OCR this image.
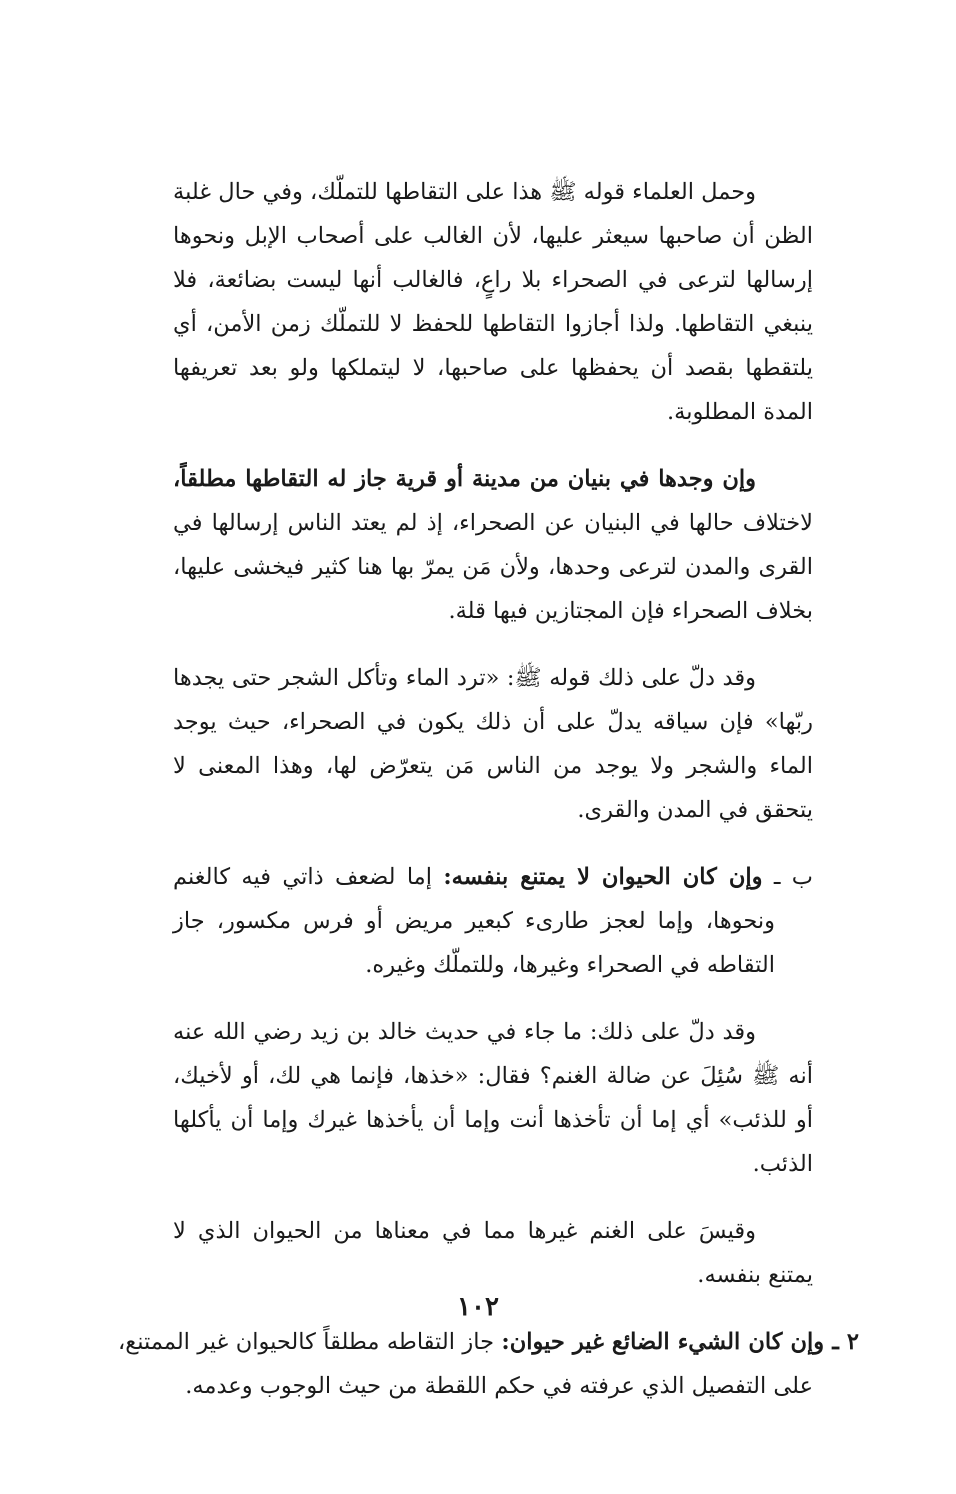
وحمل العلماء قوله ﷺ هذا على التقاطها للتملّك، وفي حال غلبة الظن أن صاحبها سيعثر عليها، لأن الغالب على أصحاب الإبل ونحوها إرسالها لترعى في الصحراء بلا راعٍ، فالغالب أنها ليست بضائعة، فلا ينبغي التقاطها. ولذا أجازوا التقاطها للحفظ لا للتملّك زمن الأمن، أي يلتقطها بقصد أن يحفظها على صاحبها، لا ليتملكها ولو بعد تعريفها المدة المطلوبة.

وإن وجدها في بنيان من مدينة أو قرية جاز له التقاطها مطلقاً، لاختلاف حالها في البنيان عن الصحراء، إذ لم يعتد الناس إرسالها في القرى والمدن لترعى وحدها، ولأن مَن يمرّ بها هنا كثير فيخشى عليها، بخلاف الصحراء فإن المجتازين فيها قلة.

وقد دلّ على ذلك قوله ﷺ: «ترد الماء وتأكل الشجر حتى يجدها ربّها» فإن سياقه يدلّ على أن ذلك يكون في الصحراء، حيث يوجد الماء والشجر ولا يوجد من الناس مَن يتعرّض لها، وهذا المعنى لا يتحقق في المدن والقرى.

ب ـ وإن كان الحيوان لا يمتنع بنفسه: إما لضعف ذاتي فيه كالغنم ونحوها، وإما لعجز طارىء كبعير مريض أو فرس مكسور، جاز التقاطه في الصحراء وغيرها، وللتملّك وغيره.

وقد دلّ على ذلك: ما جاء في حديث خالد بن زيد رضي الله عنه أنه ﷺ سُئِلَ عن ضالة الغنم؟ فقال: «خذها، فإنما هي لك، أو لأخيك، أو للذئب» أي إما أن تأخذها أنت وإما أن يأخذها غيرك وإما أن يأكلها الذئب.

وقيسَ على الغنم غيرها مما في معناها من الحيوان الذي لا يمتنع بنفسه.

٢ ـ وإن كان الشيء الضائع غير حيوان: جاز التقاطه مطلقاً كالحيوان غير الممتنع، على التفصيل الذي عرفته في حكم اللقطة من حيث الوجوب وعدمه.

١٠٢
